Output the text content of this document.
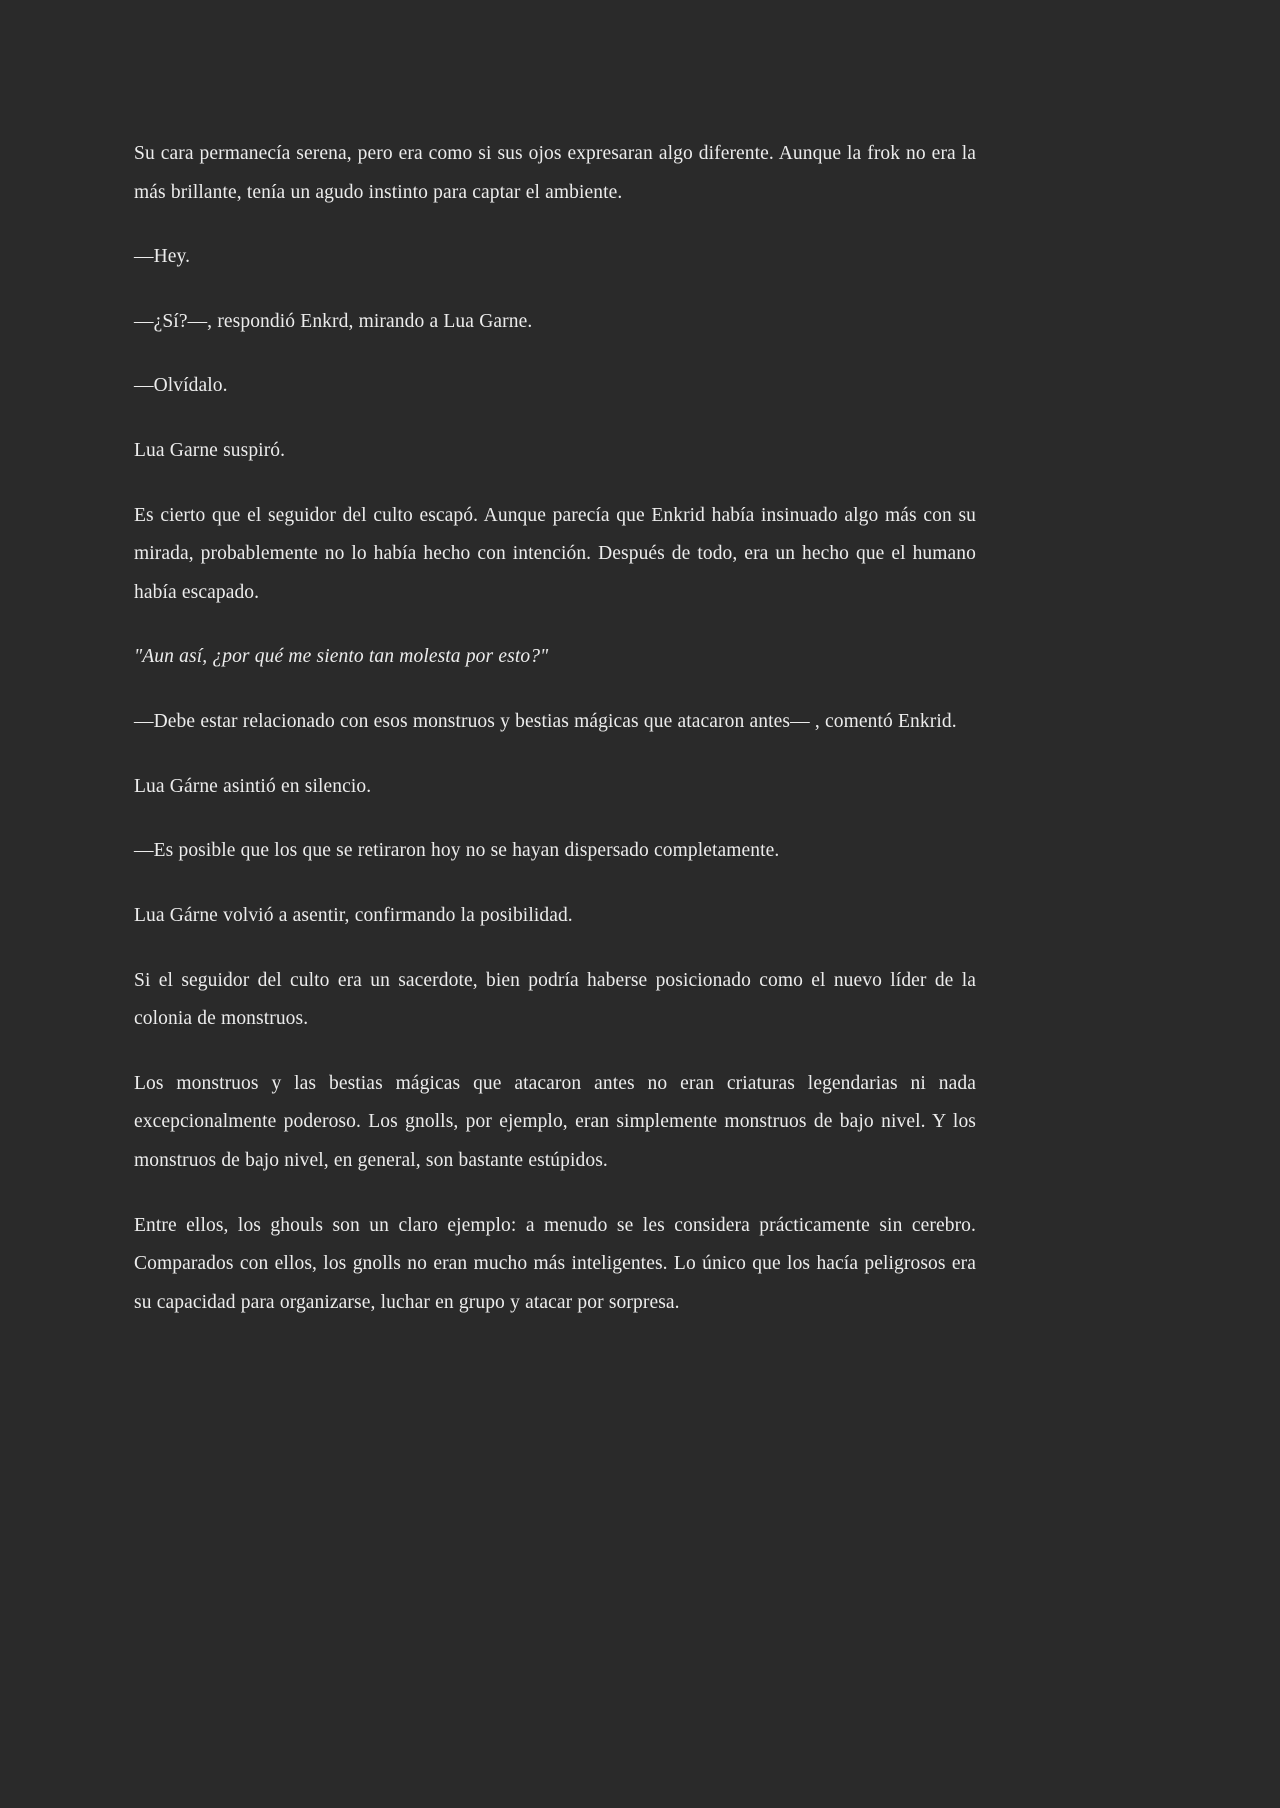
Su cara permanecía serena, pero era como si sus ojos expresaran algo diferente. Aunque la frok no era la más brillante, tenía un agudo instinto para captar el ambiente.

—Hey.

—¿Sí?—, respondió Enkrd, mirando a Lua Garne.

—Olvídalo.

Lua Garne suspiró.

Es cierto que el seguidor del culto escapó. Aunque parecía que Enkrid había insinuado algo más con su mirada, probablemente no lo había hecho con intención. Después de todo, era un hecho que el humano había escapado.

"Aun así, ¿por qué me siento tan molesta por esto?"

—Debe estar relacionado con esos monstruos y bestias mágicas que atacaron antes— , comentó Enkrid.

Lua Gárne asintió en silencio.

—Es posible que los que se retiraron hoy no se hayan dispersado completamente.

Lua Gárne volvió a asentir, confirmando la posibilidad.

Si el seguidor del culto era un sacerdote, bien podría haberse posicionado como el nuevo líder de la colonia de monstruos.

Los monstruos y las bestias mágicas que atacaron antes no eran criaturas legendarias ni nada excepcionalmente poderoso. Los gnolls, por ejemplo, eran simplemente monstruos de bajo nivel. Y los monstruos de bajo nivel, en general, son bastante estúpidos.

Entre ellos, los ghouls son un claro ejemplo: a menudo se les considera prácticamente sin cerebro. Comparados con ellos, los gnolls no eran mucho más inteligentes. Lo único que los hacía peligrosos era su capacidad para organizarse, luchar en grupo y atacar por sorpresa.
